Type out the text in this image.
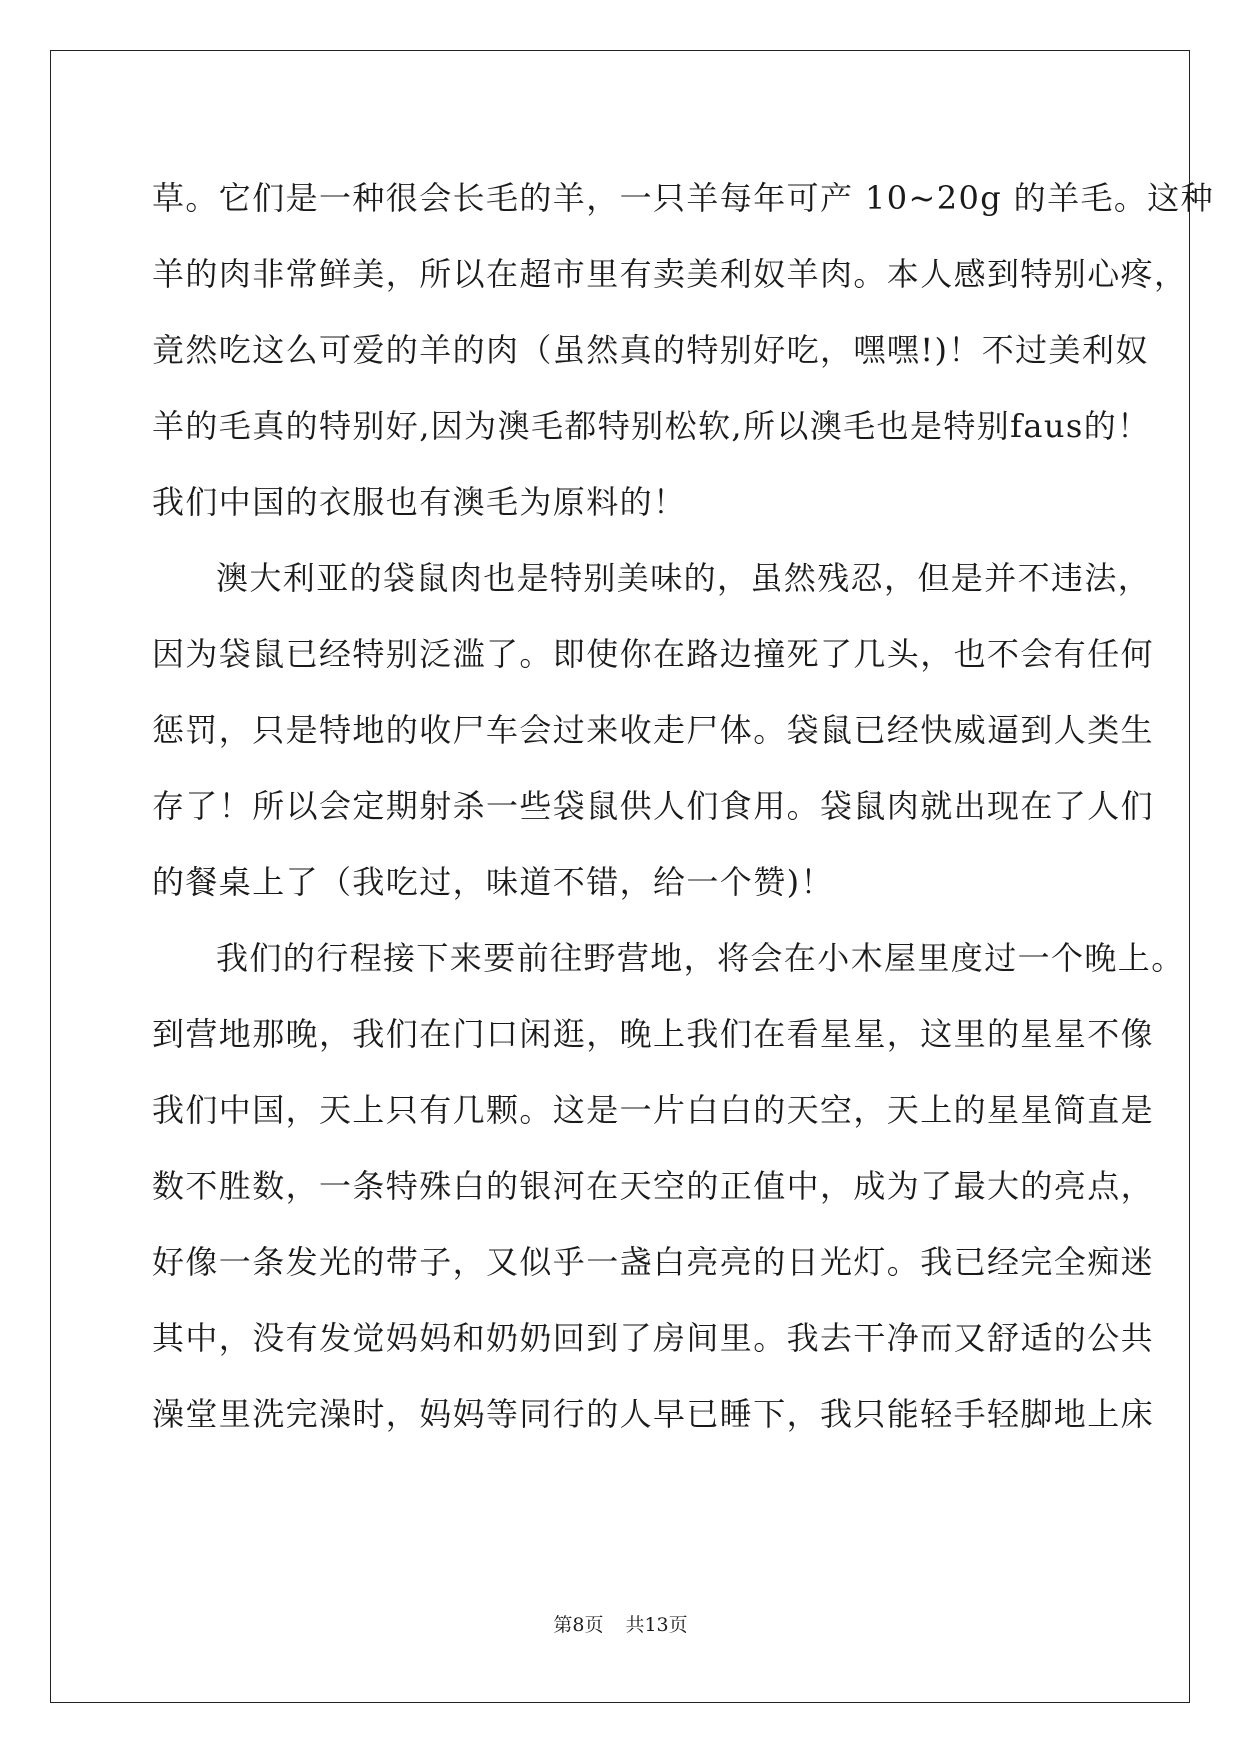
草。它们是一种很会长毛的羊，一只羊每年可产 10~20g 的羊毛。这种
羊的肉非常鲜美，所以在超市里有卖美利奴羊肉。本人感到特别心疼，
竟然吃这么可爱的羊的肉（虽然真的特别好吃，嘿嘿!)！不过美利奴
羊的毛真的特别好,因为澳毛都特别松软,所以澳毛也是特别faus的！
我们中国的衣服也有澳毛为原料的！
澳大利亚的袋鼠肉也是特别美味的，虽然残忍，但是并不违法，
因为袋鼠已经特别泛滥了。即使你在路边撞死了几头，也不会有任何
惩罚，只是特地的收尸车会过来收走尸体。袋鼠已经快威逼到人类生
存了！所以会定期射杀一些袋鼠供人们食用。袋鼠肉就出现在了人们
的餐桌上了（我吃过，味道不错，给一个赞)！
我们的行程接下来要前往野营地，将会在小木屋里度过一个晚上。
到营地那晚，我们在门口闲逛，晚上我们在看星星，这里的星星不像
我们中国，天上只有几颗。这是一片白白的天空，天上的星星简直是
数不胜数，一条特殊白的银河在天空的正值中，成为了最大的亮点，
好像一条发光的带子，又似乎一盏白亮亮的日光灯。我已经完全痴迷
其中，没有发觉妈妈和奶奶回到了房间里。我去干净而又舒适的公共
澡堂里洗完澡时，妈妈等同行的人早已睡下，我只能轻手轻脚地上床
第8页 共13页
